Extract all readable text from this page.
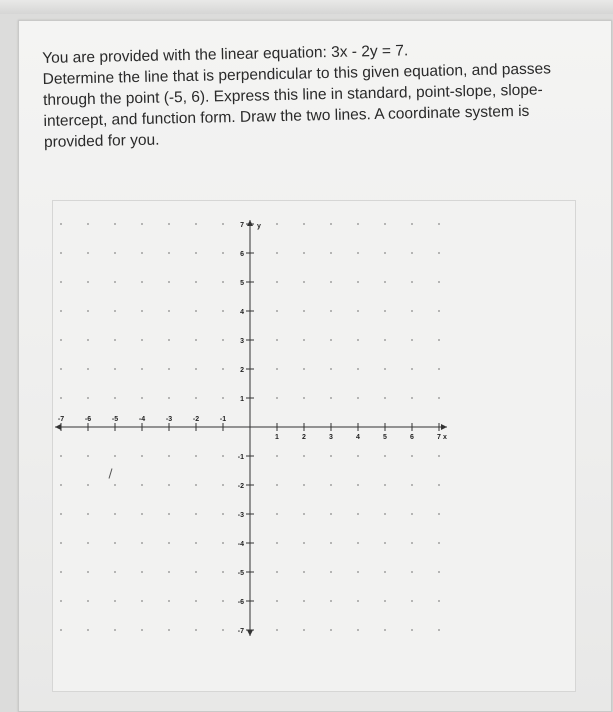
You are provided with the linear equation: 3x - 2y = 7.

Determine the line that is perpendicular to this given equation, and passes

through the point (-5, 6). Express this line in standard, point-slope, slope-

intercept, and function form. Draw the two lines. A coordinate system is

provided for you.

-7	-6	-5	-4	-3	-2	-1
1	2	3	4	5	6	7
1
2
3
4
5
6
7
-1
-2
-3
-4
-5
-6
-7
x
y
